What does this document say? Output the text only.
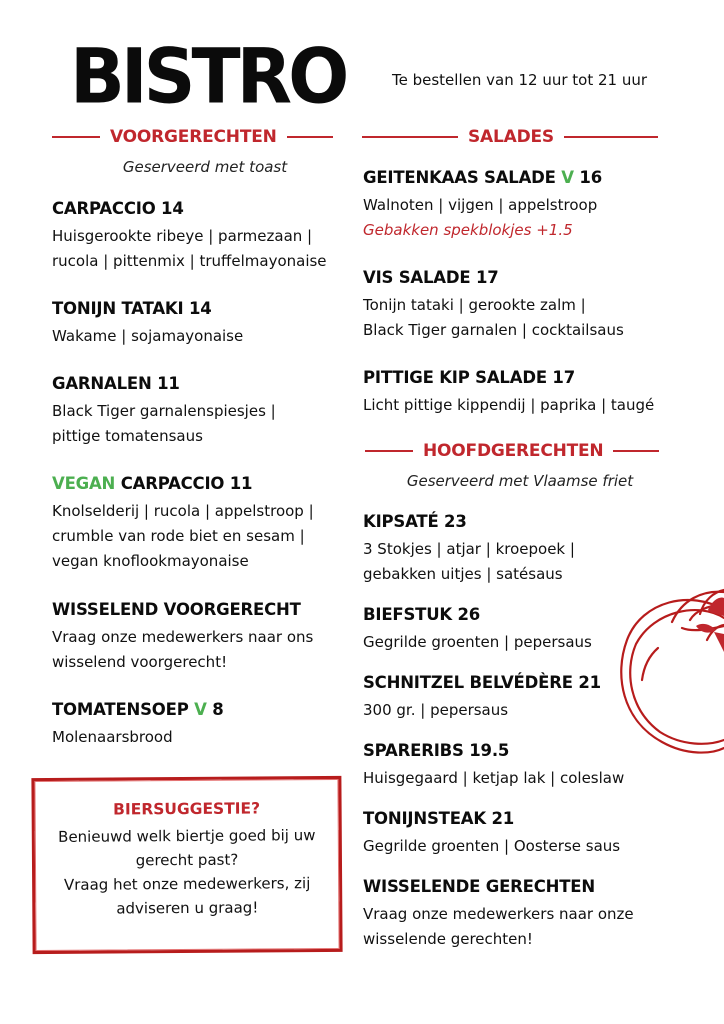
BISTRO	Te bestellen van 12 uur tot 21 uur
VOORGERECHTEN
Geserveerd met toast
CARPACCIO 14
Huisgerookte ribeye | parmezaan |
rucola | pittenmix | truffelmayonaise
TONIJN TATAKI 14
Wakame | sojamayonaise
GARNALEN 11
Black Tiger garnalenspiesjes |
pittige tomatensaus
VEGAN CARPACCIO 11
Knolselderij | rucola | appelstroop |
crumble van rode biet en sesam |
vegan knoflookmayonaise
WISSELEND VOORGERECHT
Vraag onze medewerkers naar ons
wisselend voorgerecht!
TOMATENSOEP V 8
Molenaarsbrood
BIERSUGGESTIE?
Benieuwd welk biertje goed bij uw
gerecht past?
Vraag het onze medewerkers, zij
adviseren u graag!
SALADES
GEITENKAAS SALADE V 16
Walnoten | vijgen | appelstroop
Gebakken spekblokjes +1.5
VIS SALADE 17
Tonijn tataki | gerookte zalm |
Black Tiger garnalen | cocktailsaus
PITTIGE KIP SALADE 17
Licht pittige kippendij | paprika | taugé
HOOFDGERECHTEN
Geserveerd met Vlaamse friet
KIPSATÉ 23
3 Stokjes | atjar | kroepoek |
gebakken uitjes | satésaus
BIEFSTUK 26
Gegrilde groenten | pepersaus
SCHNITZEL BELVÉDÈRE 21
300 gr. | pepersaus
SPARERIBS 19.5
Huisgegaard | ketjap lak | coleslaw
TONIJNSTEAK 21
Gegrilde groenten | Oosterse saus
WISSELENDE GERECHTEN
Vraag onze medewerkers naar onze
wisselende gerechten!
